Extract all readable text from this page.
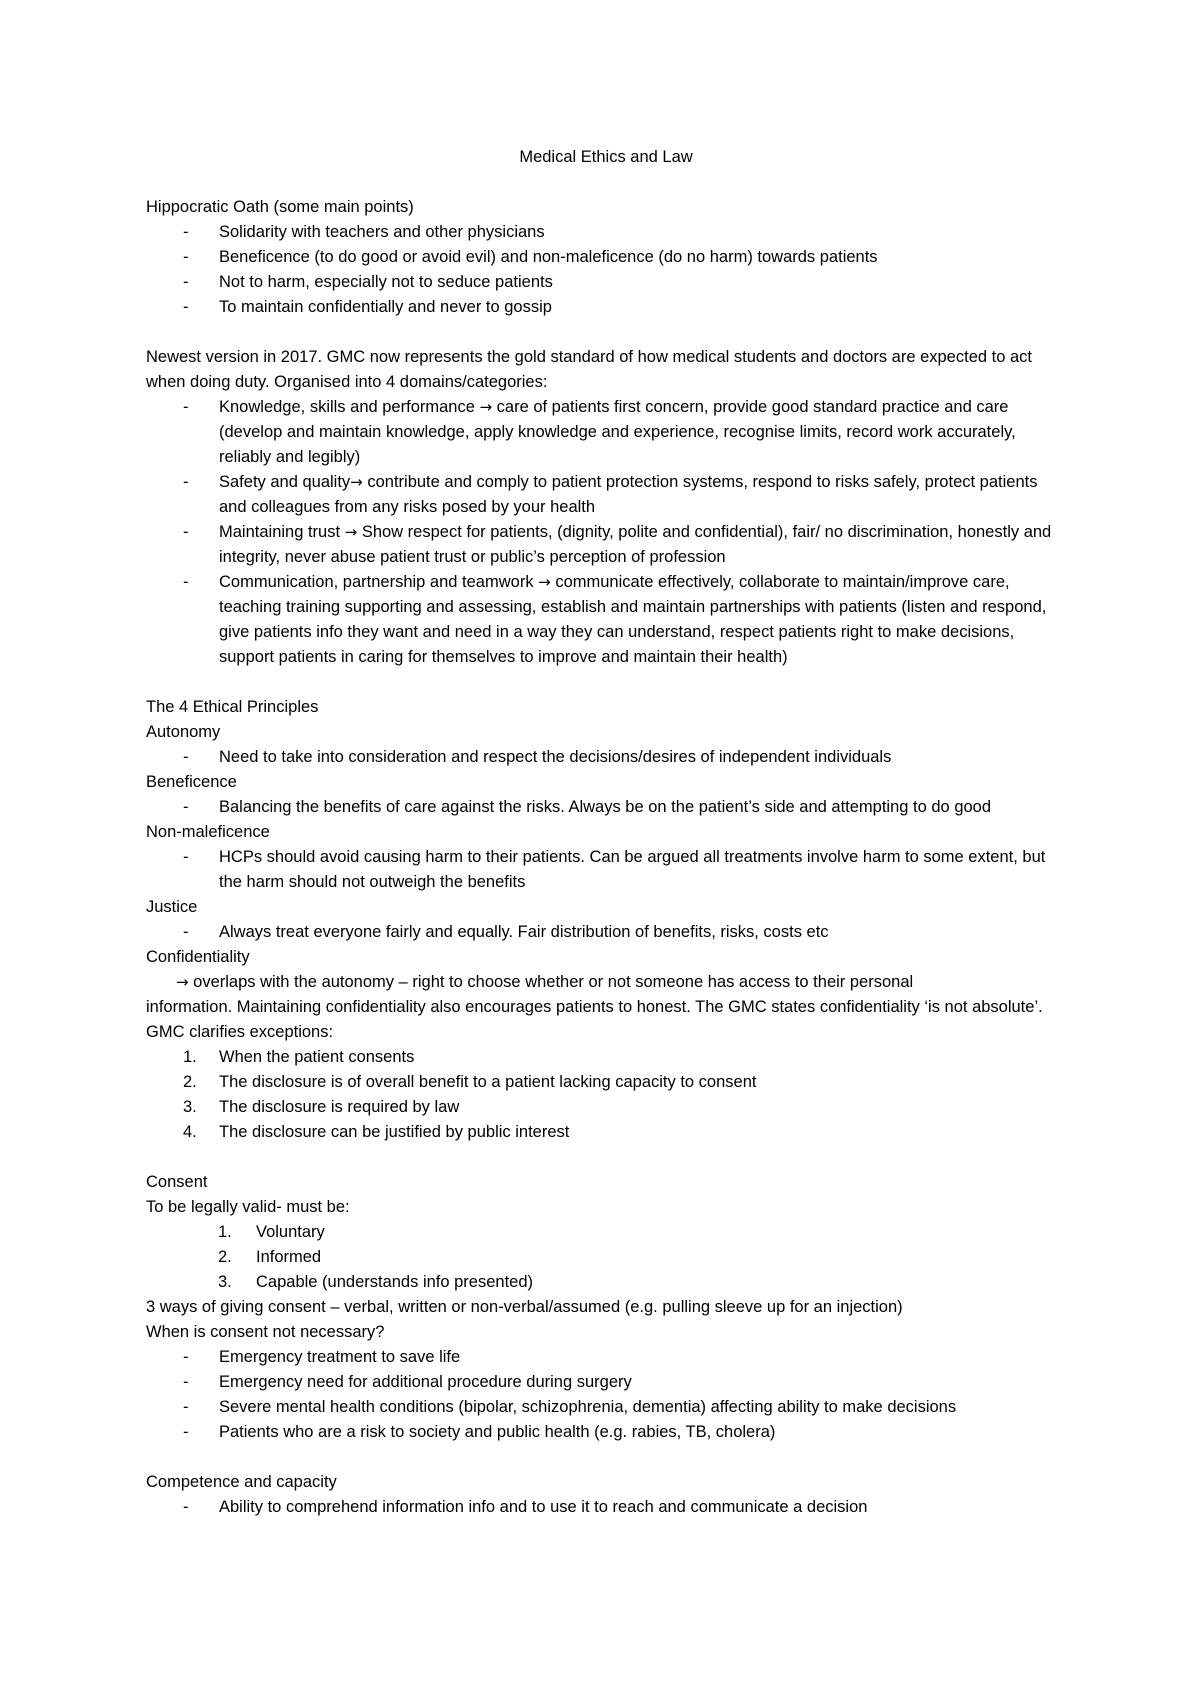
Medical Ethics and Law

Hippocratic Oath (some main points)

- Solidarity with teachers and other physicians

- Beneficence (to do good or avoid evil) and non-maleficence (do no harm) towards patients

- Not to harm, especially not to seduce patients

- To maintain confidentially and never to gossip

Newest version in 2017. GMC now represents the gold standard of how medical students and doctors are expected to act when doing duty. Organised into 4 domains/categories:

- Knowledge, skills and performance → care of patients first concern, provide good standard practice and care (develop and maintain knowledge, apply knowledge and experience, recognise limits, record work accurately, reliably and legibly)

- Safety and quality→ contribute and comply to patient protection systems, respond to risks safely, protect patients and colleagues from any risks posed by your health

- Maintaining trust → Show respect for patients, (dignity, polite and confidential), fair/ no discrimination, honestly and integrity, never abuse patient trust or public’s perception of profession

- Communication, partnership and teamwork → communicate effectively, collaborate to maintain/improve care, teaching training supporting and assessing, establish and maintain partnerships with patients (listen and respond, give patients info they want and need in a way they can understand, respect patients right to make decisions, support patients in caring for themselves to improve and maintain their health)

The 4 Ethical Principles

Autonomy

- Need to take into consideration and respect the decisions/desires of independent individuals

Beneficence

- Balancing the benefits of care against the risks. Always be on the patient’s side and attempting to do good

Non-maleficence

- HCPs should avoid causing harm to their patients. Can be argued all treatments involve harm to some extent, but the harm should not outweigh the benefits

Justice

- Always treat everyone fairly and equally. Fair distribution of benefits, risks, costs etc

Confidentiality

→ overlaps with the autonomy – right to choose whether or not someone has access to their personal

information. Maintaining confidentiality also encourages patients to honest. The GMC states confidentiality ‘is not absolute’. GMC clarifies exceptions:

1. When the patient consents

2. The disclosure is of overall benefit to a patient lacking capacity to consent

3. The disclosure is required by law

4. The disclosure can be justified by public interest

Consent

To be legally valid- must be:

1. Voluntary

2. Informed

3. Capable (understands info presented)

3 ways of giving consent – verbal, written or non-verbal/assumed (e.g. pulling sleeve up for an injection)

When is consent not necessary?

- Emergency treatment to save life

- Emergency need for additional procedure during surgery

- Severe mental health conditions (bipolar, schizophrenia, dementia) affecting ability to make decisions

- Patients who are a risk to society and public health (e.g. rabies, TB, cholera)

Competence and capacity

- Ability to comprehend information info and to use it to reach and communicate a decision
